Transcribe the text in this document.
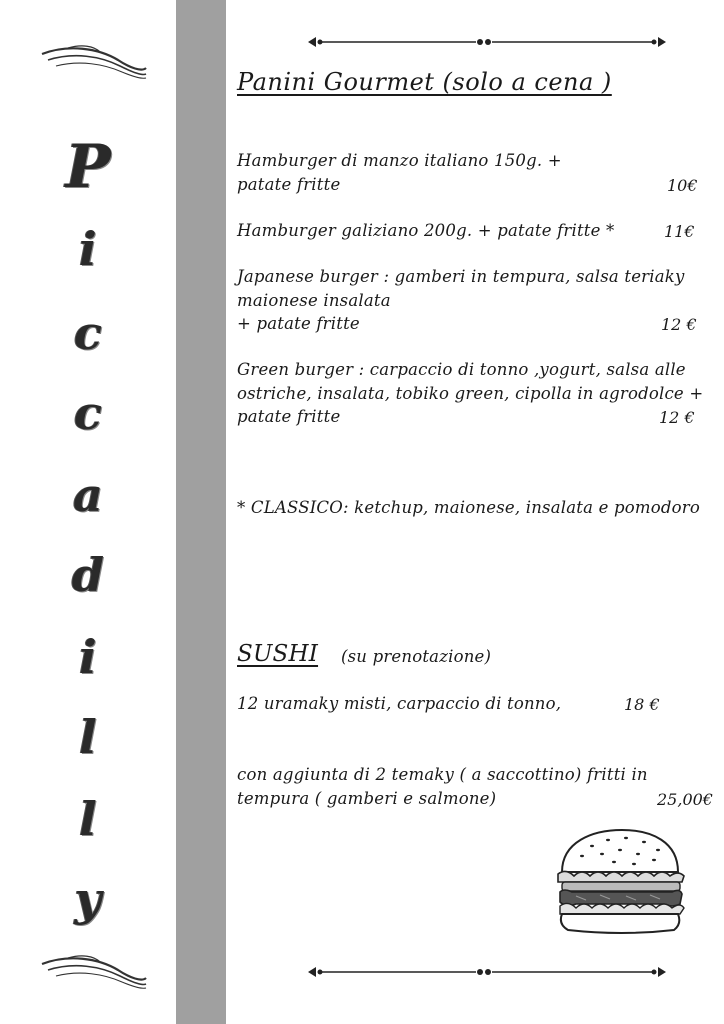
P
i
c
c
a
d
i
l
l
y
Panini Gourmet (solo a cena )
Hamburger di manzo italiano 150g. +
patate fritte	10€
Hamburger galiziano 200g. + patate fritte *	11€
Japanese burger : gamberi in tempura, salsa teriaky
maionese insalata
+ patate fritte	12 €
Green burger : carpaccio di tonno ,yogurt, salsa alle
ostriche, insalata, tobiko green, cipolla in agrodolce +
patate fritte	12 €
* CLASSICO: ketchup, maionese, insalata e pomodoro
SUSHI (su prenotazione)
12 uramaky misti, carpaccio di tonno,	18 €
con aggiunta di 2 temaky ( a saccottino) fritti in
tempura ( gamberi e salmone)	25,00€
